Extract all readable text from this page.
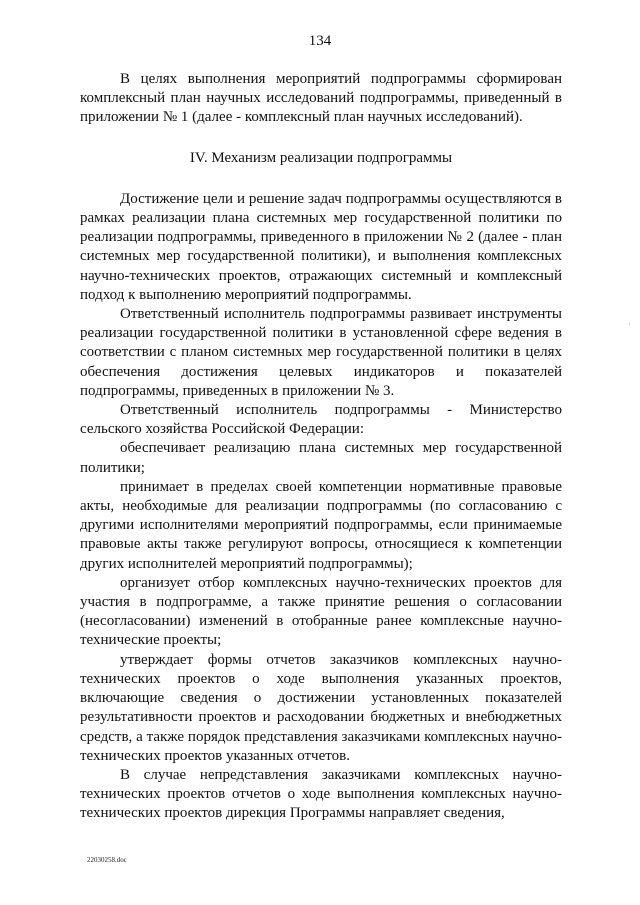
134

В целях выполнения мероприятий подпрограммы сформирован комплексный план научных исследований подпрограммы, приведенный в приложении № 1 (далее - комплексный план научных исследований).

IV. Механизм реализации подпрограммы

Достижение цели и решение задач подпрограммы осуществляются в рамках реализации плана системных мер государственной политики по реализации подпрограммы, приведенного в приложении № 2 (далее - план системных мер государственной политики), и выполнения комплексных научно-технических проектов, отражающих системный и комплексный подход к выполнению мероприятий подпрограммы.

Ответственный исполнитель подпрограммы развивает инструменты реализации государственной политики в установленной сфере ведения в соответствии с планом системных мер государственной политики в целях обеспечения достижения целевых индикаторов и показателей подпрограммы, приведенных в приложении № 3.

Ответственный исполнитель подпрограммы - Министерство сельского хозяйства Российской Федерации:

обеспечивает реализацию плана системных мер государственной политики;

принимает в пределах своей компетенции нормативные правовые акты, необходимые для реализации подпрограммы (по согласованию с другими исполнителями мероприятий подпрограммы, если принимаемые правовые акты также регулируют вопросы, относящиеся к компетенции других исполнителей мероприятий подпрограммы);

организует отбор комплексных научно-технических проектов для участия в подпрограмме, а также принятие решения о согласовании (несогласовании) изменений в отобранные ранее комплексные научно-технические проекты;

утверждает формы отчетов заказчиков комплексных научно-технических проектов о ходе выполнения указанных проектов, включающие сведения о достижении установленных показателей результативности проектов и расходовании бюджетных и внебюджетных средств, а также порядок представления заказчиками комплексных научно-технических проектов указанных отчетов.

В случае непредставления заказчиками комплексных научно-технических проектов отчетов о ходе выполнения комплексных научно-технических проектов дирекция Программы направляет сведения,

·
22030258.doc
